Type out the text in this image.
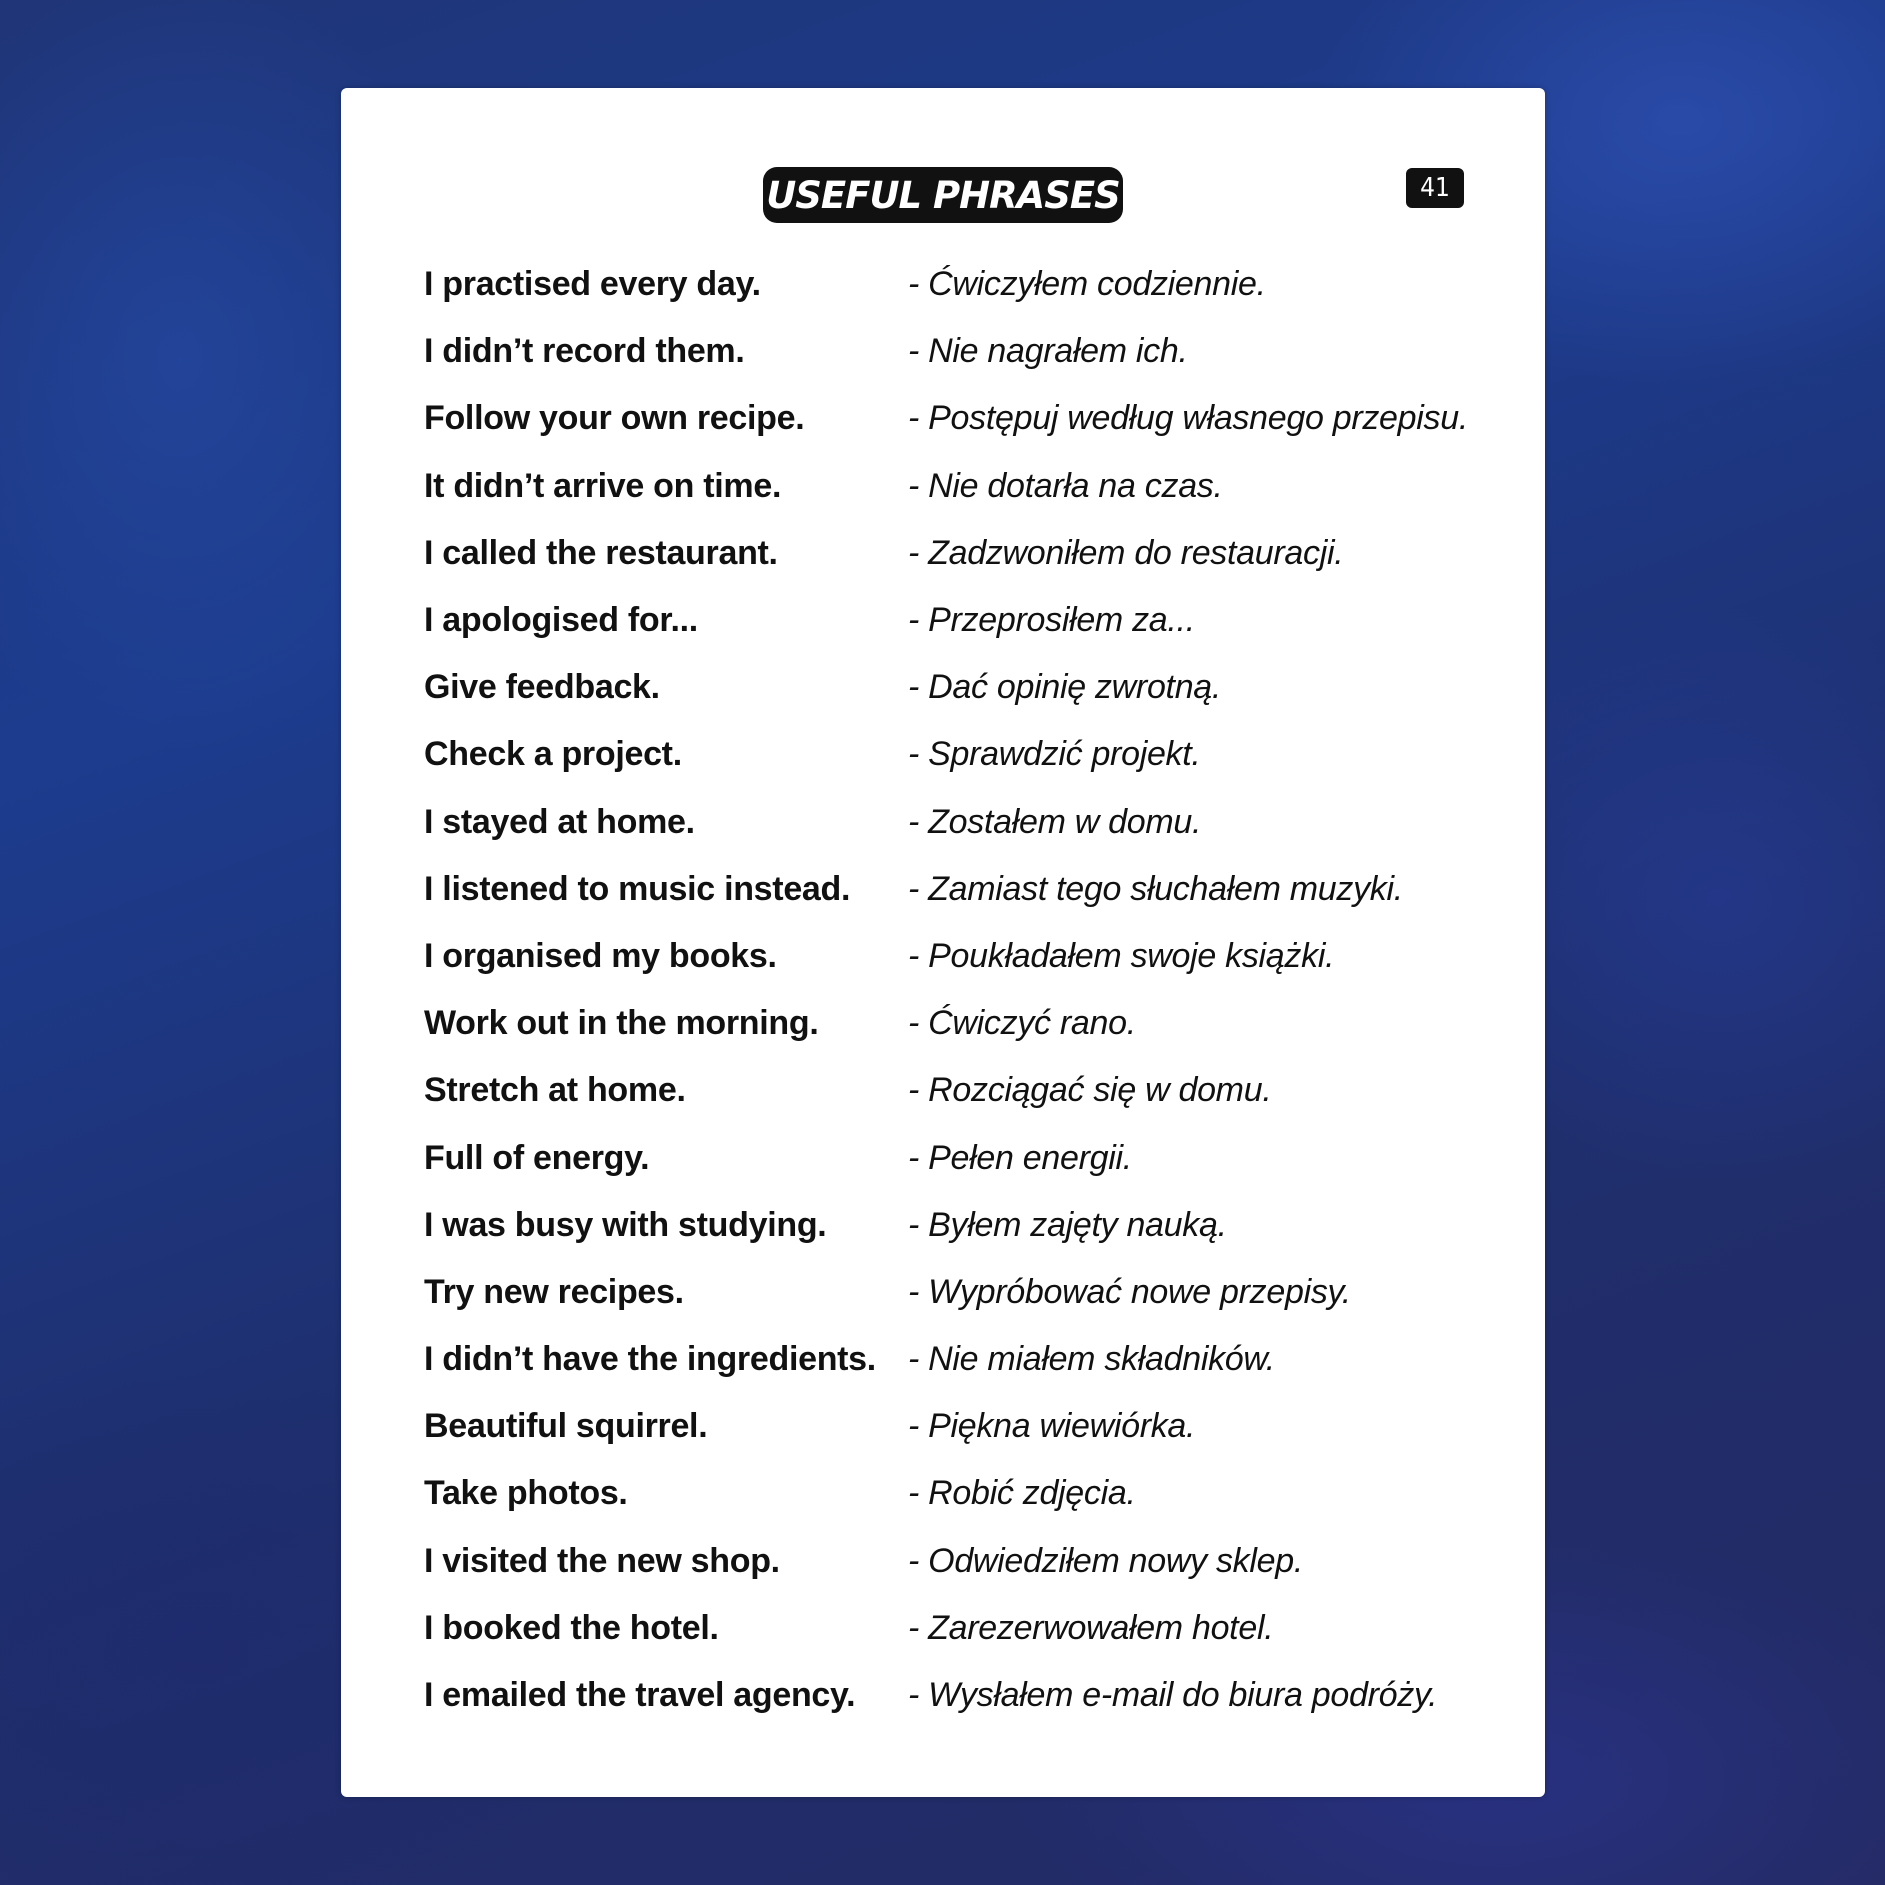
USEFUL PHRASES	41
I practised every day.	- Ćwiczyłem codziennie.
I didn’t record them.	- Nie nagrałem ich.
Follow your own recipe.	- Postępuj według własnego przepisu.
It didn’t arrive on time.	- Nie dotarła na czas.
I called the restaurant.	- Zadzwoniłem do restauracji.
I apologised for...	- Przeprosiłem za...
Give feedback.	- Dać opinię zwrotną.
Check a project.	- Sprawdzić projekt.
I stayed at home.	- Zostałem w domu.
I listened to music instead.	- Zamiast tego słuchałem muzyki.
I organised my books.	- Poukładałem swoje książki.
Work out in the morning.	- Ćwiczyć rano.
Stretch at home.	- Rozciągać się w domu.
Full of energy.	- Pełen energii.
I was busy with studying.	- Byłem zajęty nauką.
Try new recipes.	- Wypróbować nowe przepisy.
I didn’t have the ingredients. - Nie miałem składników.
Beautiful squirrel.	- Piękna wiewiórka.
Take photos.	- Robić zdjęcia.
I visited the new shop.	- Odwiedziłem nowy sklep.
I booked the hotel.	- Zarezerwowałem hotel.
I emailed the travel agency.	- Wysłałem e-mail do biura podróży.
